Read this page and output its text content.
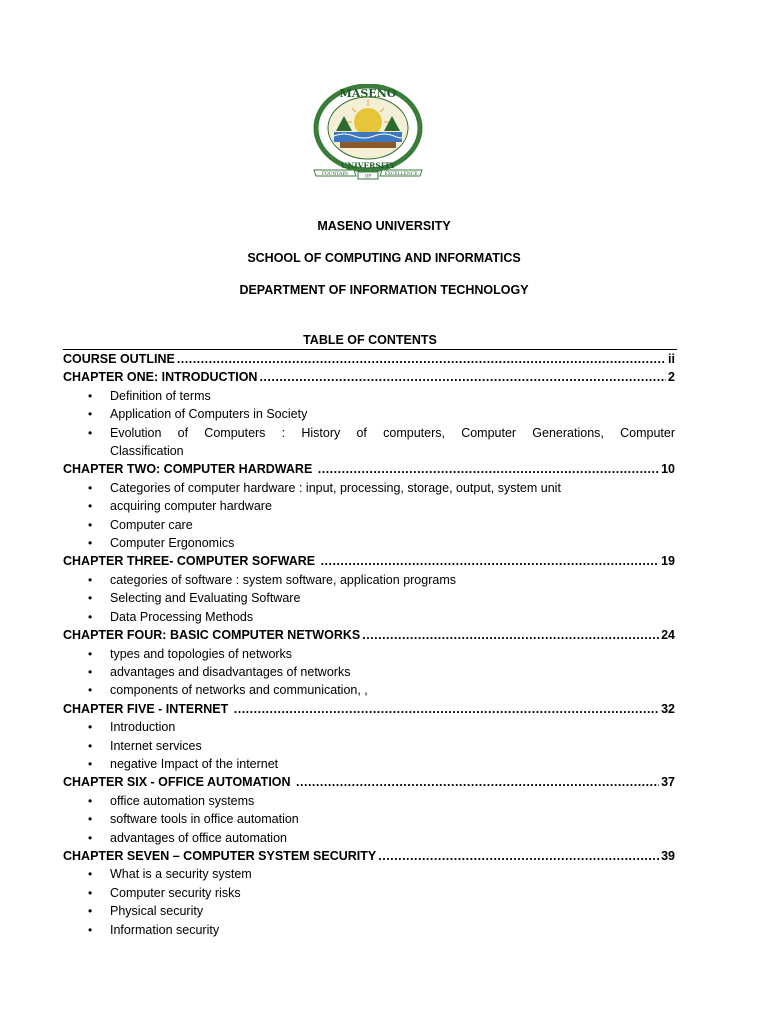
MASENO
UNIVERSITY
FOUNTAIN	OF	EXCELLENCE
MASENO UNIVERSITY
SCHOOL OF COMPUTING AND INFORMATICS
DEPARTMENT OF INFORMATION TECHNOLOGY
TABLE OF CONTENTS
COURSE OUTLINE .....	ii
CHAPTER ONE: INTRODUCTION .....	2
• Definition of terms
• Application of Computers in Society
• Evolution of Computers : History of computers, Computer Generations, Computer
Classification
CHAPTER TWO: COMPUTER HARDWARE .....	10
• Categories of computer hardware : input, processing, storage, output, system unit
• acquiring computer hardware
• Computer care
• Computer Ergonomics
CHAPTER THREE- COMPUTER SOFWARE .....	19
• categories of software : system software, application programs
• Selecting and Evaluating Software
• Data Processing Methods
CHAPTER FOUR: BASIC COMPUTER NETWORKS .....	24
• types and topologies of networks
• advantages and disadvantages of networks
• components of networks and communication, ,
CHAPTER FIVE - INTERNET .....	32
• Introduction
• Internet services
• negative Impact of the internet
CHAPTER SIX - OFFICE AUTOMATION .....	37
• office automation systems
• software tools in office automation
• advantages of office automation
CHAPTER SEVEN – COMPUTER SYSTEM SECURITY .....	39
• What is a security system
• Computer security risks
• Physical security
• Information security
